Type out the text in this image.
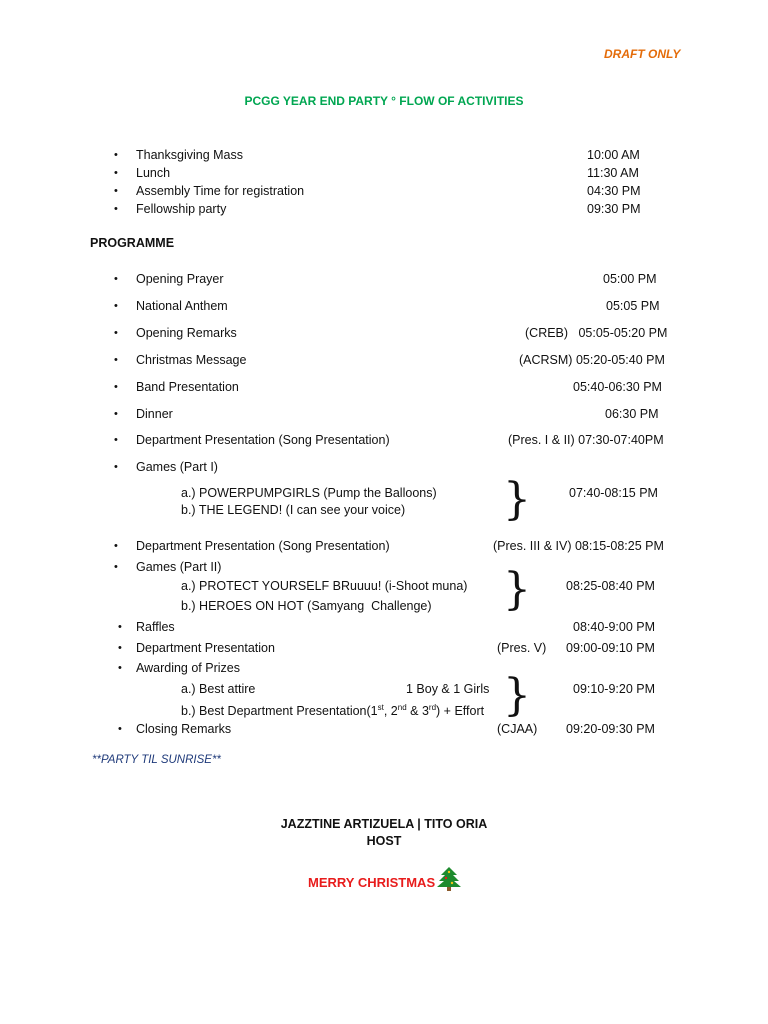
DRAFT ONLY
PCGG YEAR END PARTY ° FLOW OF ACTIVITIES
• Thanksgiving Mass	10:00 AM
• Lunch	11:30 AM
• Assembly Time for registration	04:30 PM
• Fellowship party	09:30 PM
PROGRAMME
• Opening Prayer	05:00 PM
• National Anthem	05:05 PM
• Opening Remarks	(CREB)   05:05-05:20 PM
• Christmas Message	(ACRSM) 05:20-05:40 PM
• Band Presentation	05:40-06:30 PM
• Dinner	06:30 PM
• Department Presentation (Song Presentation)	(Pres. I & II) 07:30-07:40PM
• Games (Part I)
a.) POWERPUMPGIRLS (Pump the Balloons)	07:40-08:15 PM
b.) THE LEGEND! (I can see your voice) }
• Department Presentation (Song Presentation)	(Pres. III & IV) 08:15-08:25 PM
• Games (Part II)
a.) PROTECT YOURSELF BRuuuu! (i-Shoot muna)	08:25-08:40 PM
b.) HEROES ON HOT (Samyang  Challenge) }
• Raffles	08:40-9:00 PM
• Department Presentation	(Pres. V) 09:00-09:10 PM
• Awarding of Prizes
a.) Best attire	1 Boy & 1 Girls	09:10-9:20 PM
b.) Best Department Presentation(1st, 2nd & 3rd) + Effort }
• Closing Remarks	(CJAA) 09:20-09:30 PM
**PARTY TIL SUNRISE**
JAZZTINE ARTIZUELA | TITO ORIA
HOST
MERRY CHRISTMAS
